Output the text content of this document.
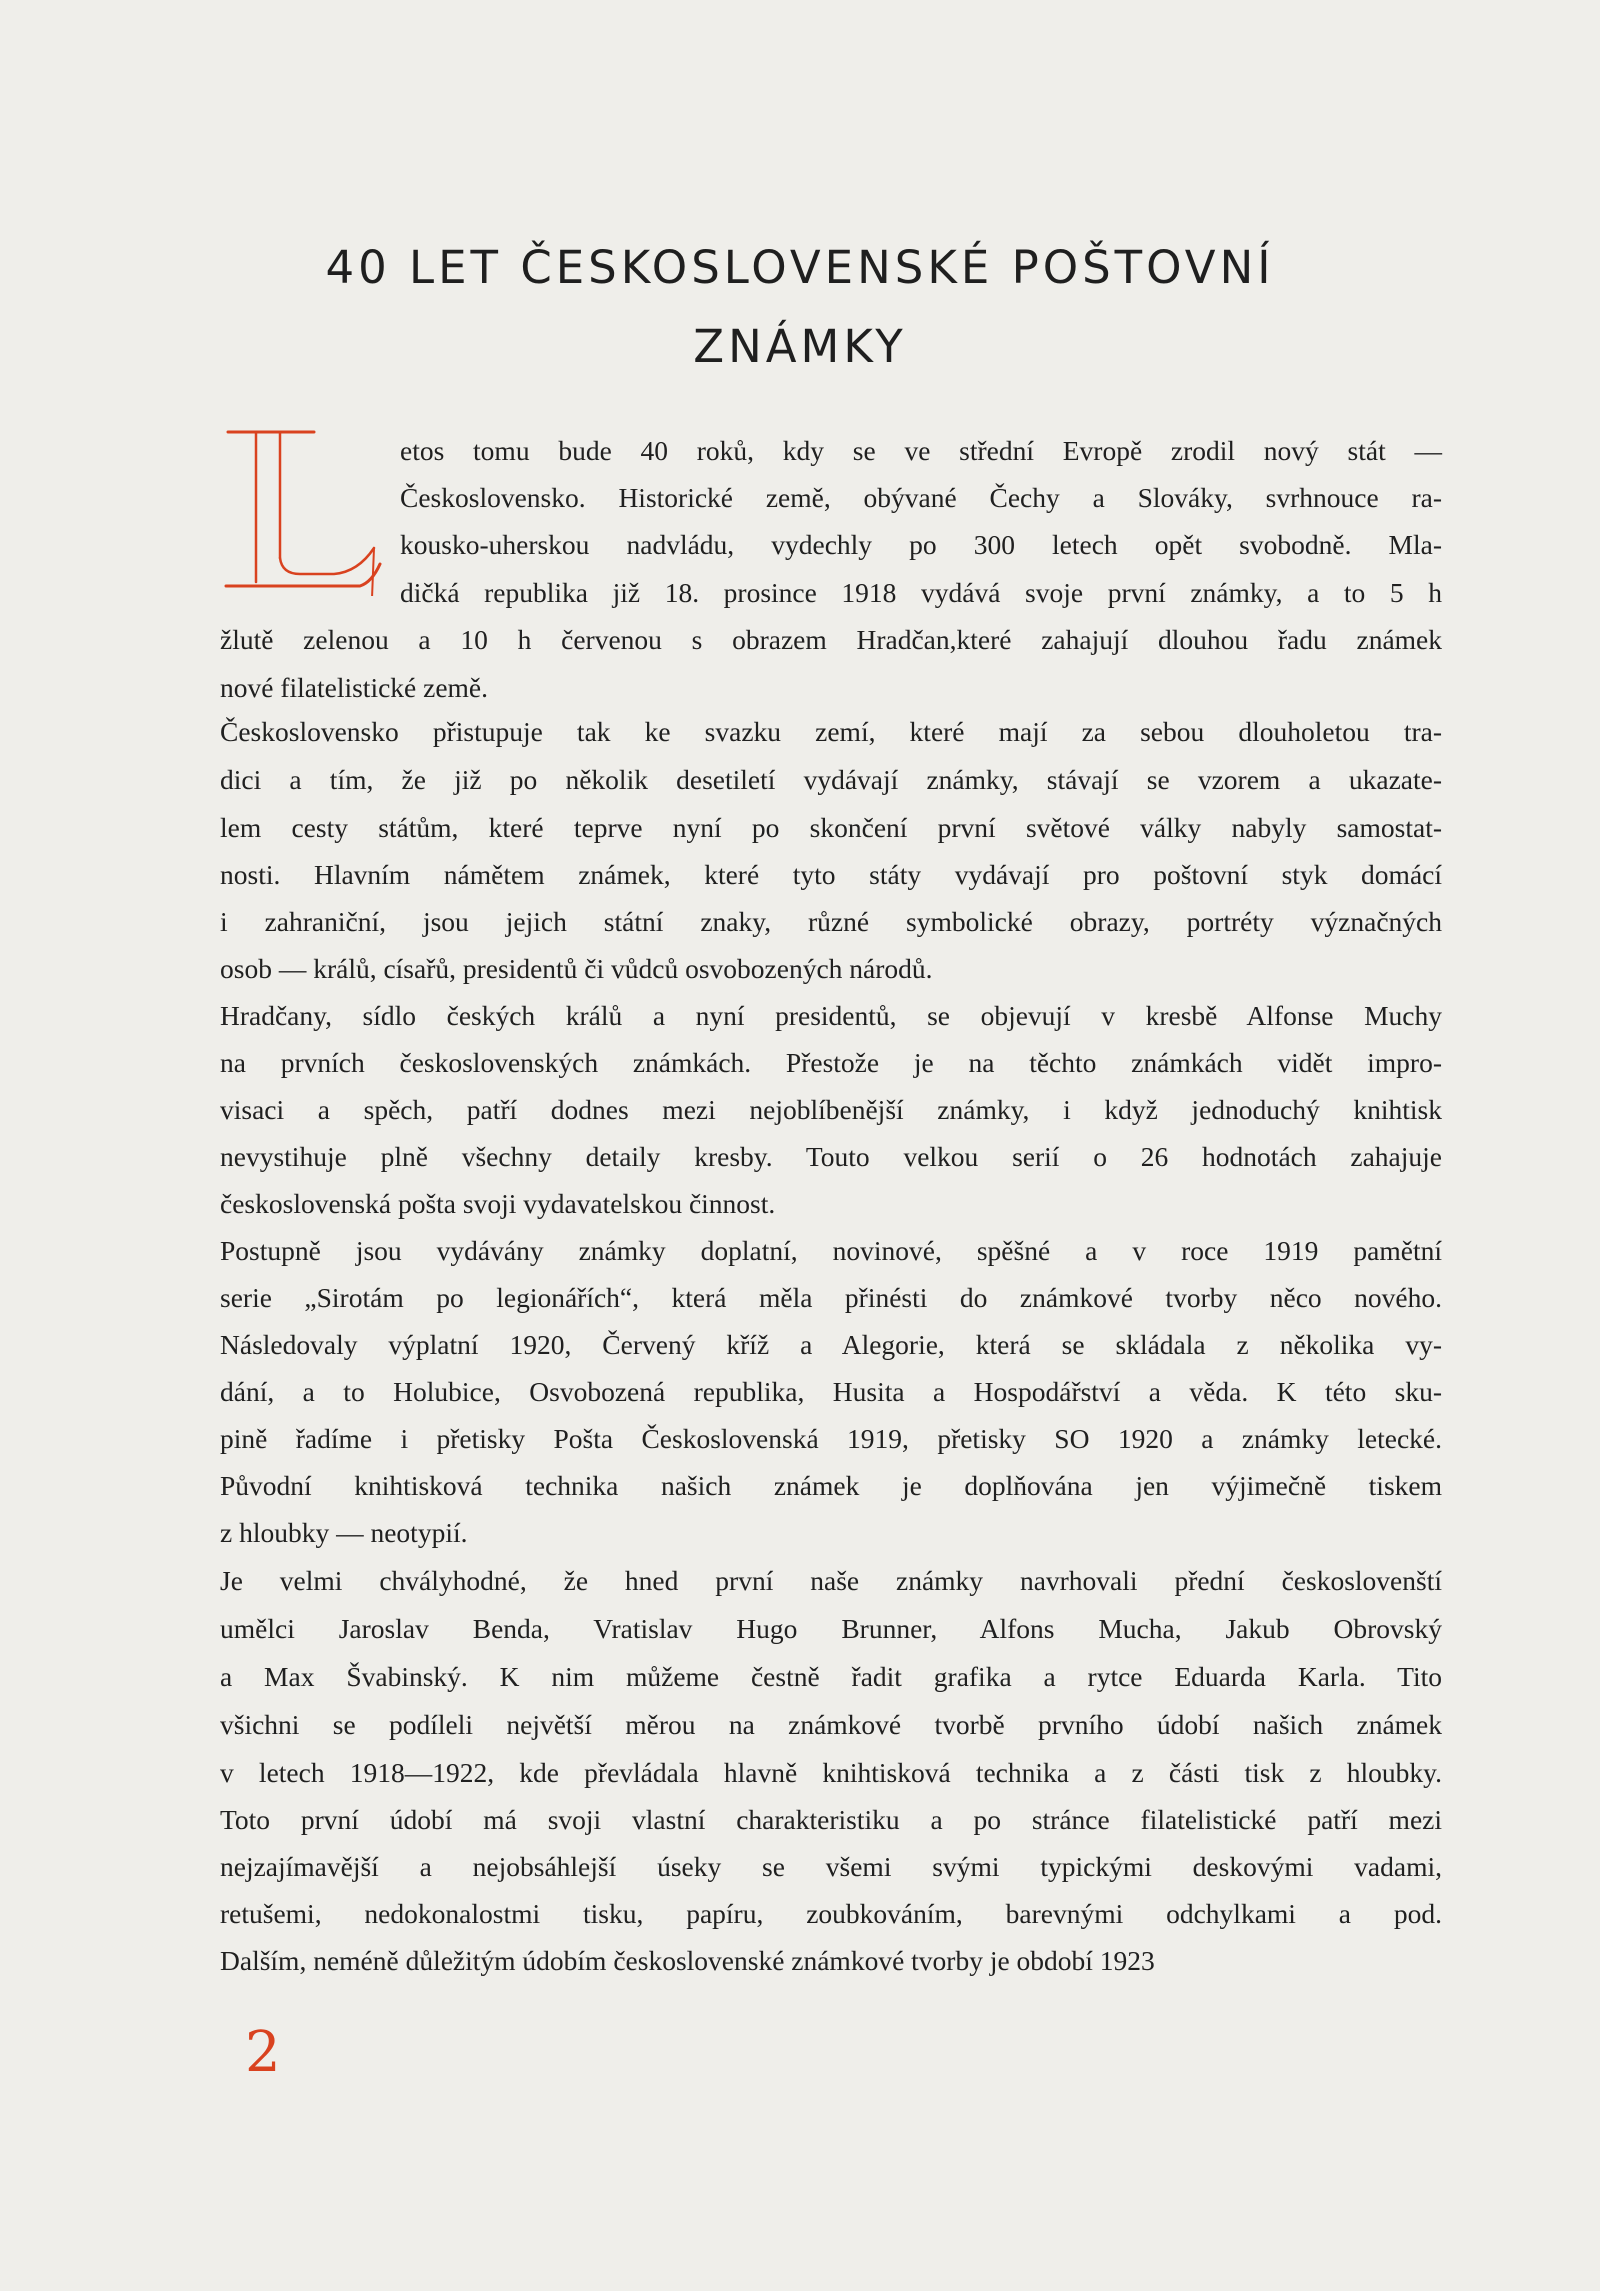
40 LET ČESKOSLOVENSKÉ POŠTOVNÍ
ZNÁMKY
etos tomu bude 40 roků, kdy se ve střední Evropě zrodil nový stát —
Československo. Historické země, obývané Čechy a Slováky, svrhnouce ra-
kousko-uherskou nadvládu, vydechly po 300 letech opět svobodně. Mla-
dičká republika již 18. prosince 1918 vydává svoje první známky, a to 5 h
žlutě zelenou a 10 h červenou s obrazem Hradčan,které zahajují dlouhou řadu známek
nové filatelistické země.
Československo přistupuje tak ke svazku zemí, které mají za sebou dlouholetou tra-
dici a tím, že již po několik desetiletí vydávají známky, stávají se vzorem a ukazate-
lem cesty státům, které teprve nyní po skončení první světové války nabyly samostat-
nosti. Hlavním námětem známek, které tyto státy vydávají pro poštovní styk domácí
i zahraniční, jsou jejich státní znaky, různé symbolické obrazy, portréty význačných
osob — králů, císařů, presidentů či vůdců osvobozených národů.
Hradčany, sídlo českých králů a nyní presidentů, se objevují v kresbě Alfonse Muchy
na prvních československých známkách. Přestože je na těchto známkách vidět impro-
visaci a spěch, patří dodnes mezi nejoblíbenější známky, i když jednoduchý knihtisk
nevystihuje plně všechny detaily kresby. Touto velkou serií o 26 hodnotách zahajuje
československá pošta svoji vydavatelskou činnost.
Postupně jsou vydávány známky doplatní, novinové, spěšné a v roce 1919 pamětní
serie „Sirotám po legionářích“, která měla přinésti do známkové tvorby něco nového.
Následovaly výplatní 1920, Červený kříž a Alegorie, která se skládala z několika vy-
dání, a to Holubice, Osvobozená republika, Husita a Hospodářství a věda. K této sku-
pině řadíme i přetisky Pošta Československá 1919, přetisky SO 1920 a známky letecké.
Původní knihtisková technika našich známek je doplňována jen výjimečně tiskem
z hloubky — neotypií.
Je velmi chvályhodné, že hned první naše známky navrhovali přední českoslovenští
umělci Jaroslav Benda, Vratislav Hugo Brunner, Alfons Mucha, Jakub Obrovský
a Max Švabinský. K nim můžeme čestně řadit grafika a rytce Eduarda Karla. Tito
všichni se podíleli největší měrou na známkové tvorbě prvního údobí našich známek
v letech 1918—1922, kde převládala hlavně knihtisková technika a z části tisk z hloubky.
Toto první údobí má svoji vlastní charakteristiku a po stránce filatelistické patří mezi
nejzajímavější a nejobsáhlejší úseky se všemi svými typickými deskovými vadami,
retušemi, nedokonalostmi tisku, papíru, zoubkováním, barevnými odchylkami a pod.
Dalším, neméně důležitým údobím československé známkové tvorby je období 1923
2
